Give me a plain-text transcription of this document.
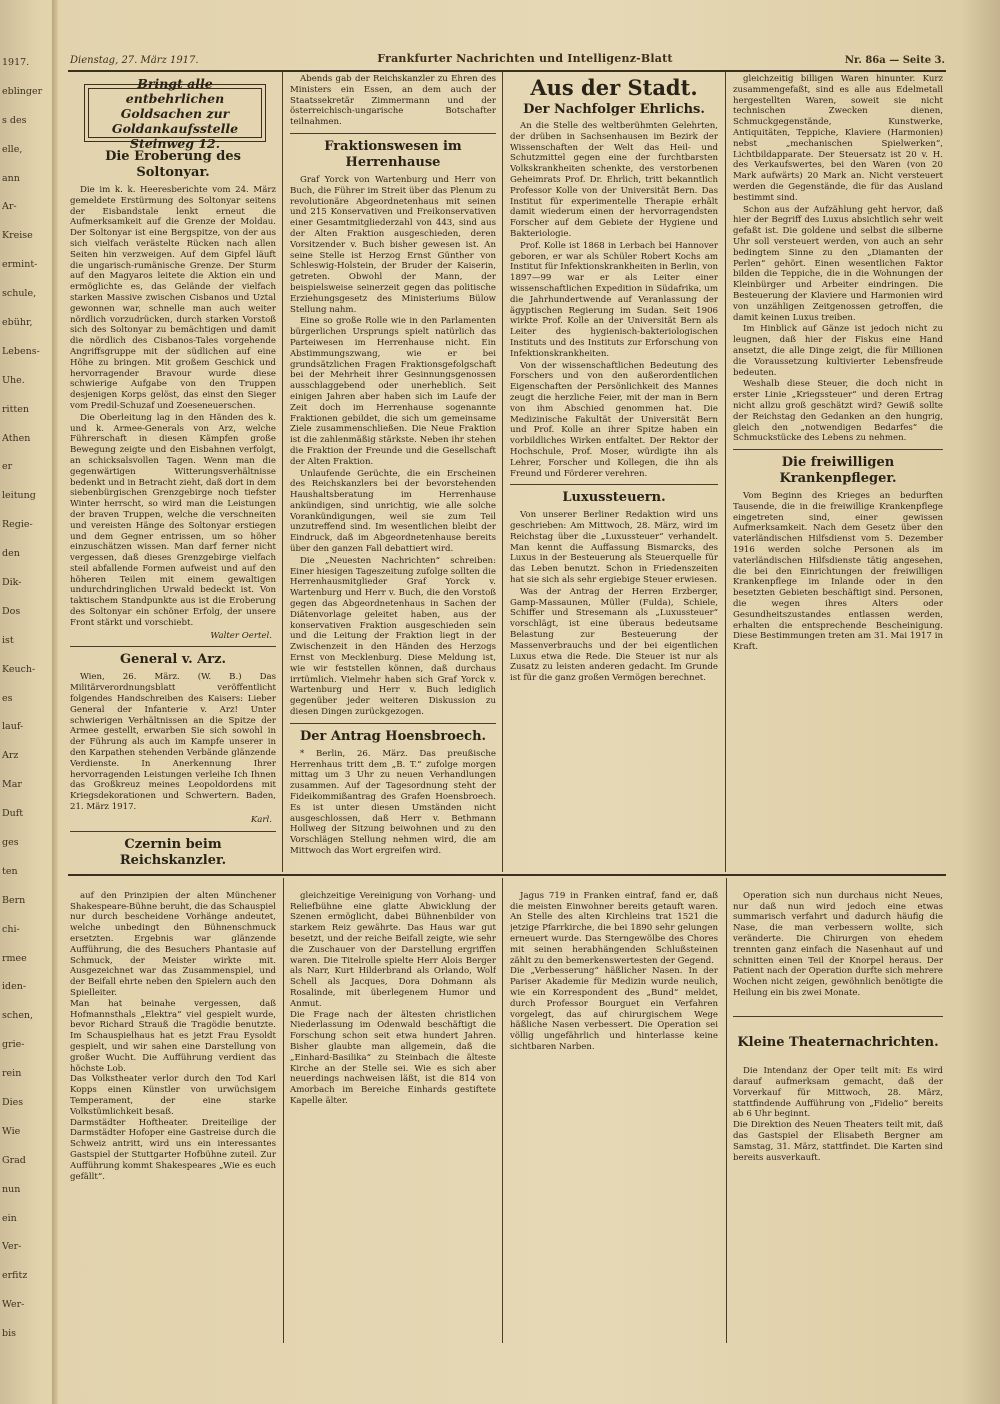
1917.
eblinger
s des
elle,
ann
Ar-
Kreise
ermint-
schule,
ebühr,
Lebens-
Uhe.
ritten
Athen
er
leitung
Regie-
den
Dik-
Dos
ist
Keuch-
es
lauf-
Arz
Mar
Duft
ges
ten
Bern
chi-
rmee
iden-
schen,
grie-
rein
Dies
Wie
Grad
nun
ein
Ver-
erfitz
Wer-
bis
Dienstag, 27. März 1917.	Frankfurter Nachrichten und Intelligenz-Blatt	Nr. 86a — Seite 3.
Bringt alle entbehrlichen Goldsachen zur Goldankaufsstelle Steinweg 12.
Die Eroberung des Soltonyar.

Die im k. k. Heeresberichte vom 24. März gemeldete Erstürmung des Soltonyar seitens der Eisbandstale lenkt erneut die Aufmerksamkeit auf die Grenze der Moldau. Der Soltonyar ist eine Bergspitze, von der aus sich vielfach verästelte Rücken nach allen Seiten hin verzweigen. Auf dem Gipfel läuft die ungarisch-rumänische Grenze. Der Sturm auf den Magyaros leitete die Aktion ein und ermöglichte es, das Gelände der vielfach starken Massive zwischen Cisbanos und Uztal gewonnen war, schnelle man auch weiter nördlich vorzudrücken, durch starken Vorstoß sich des Soltonyar zu bemächtigen und damit die nördlich des Cisbanos-Tales vorgehende Angriffsgruppe mit der südlichen auf eine Höhe zu bringen. Mit großem Geschick und hervorragender Bravour wurde diese schwierige Aufgabe von den Truppen desjenigen Korps gelöst, das einst den Sieger vom Predil-Schuzaf und Zoeseneuerschen.

Die Oberleitung lag in den Händen des k. und k. Armee-Generals von Arz, welche Führerschaft in diesen Kämpfen große Bewegung zeigte und den Eisbahnen verfolgt, an schicksalsvollen Tagen. Wenn man die gegenwärtigen Witterungsverhältnisse bedenkt und in Betracht zieht, daß dort in dem siebenbürgischen Grenzgebirge noch tiefster Winter herrscht, so wird man die Leistungen der braven Truppen, welche die verschneiten und vereisten Hänge des Soltonyar erstiegen und dem Gegner entrissen, um so höher einzuschätzen wissen. Man darf ferner nicht vergessen, daß dieses Grenzgebirge vielfach steil abfallende Formen aufweist und auf den höheren Teilen mit einem gewaltigen undurchdringlichen Urwald bedeckt ist. Von taktischem Standpunkte aus ist die Eroberung des Soltonyar ein schöner Erfolg, der unsere Front stärkt und vorschiebt.

Walter Oertel.
General v. Arz.

Wien, 26. März. (W. B.) Das Militärverordnungsblatt veröffentlicht folgendes Handschreiben des Kaisers: Lieber General der Infanterie v. Arz! Unter schwierigen Verhältnissen an die Spitze der Armee gestellt, erwarben Sie sich sowohl in der Führung als auch im Kampfe unserer in den Karpathen stehenden Verbände glänzende Verdienste. In Anerkennung Ihrer hervorragenden Leistungen verleihe Ich Ihnen das Großkreuz meines Leopoldordens mit Kriegsdekorationen und Schwertern. Baden, 21. März 1917.

Karl.
Czernin beim Reichskanzler.

Abends gab der Reichskanzler zu Ehren des Ministers ein Essen, an dem auch der Staatssekretär Zimmermann und der österreichisch-ungarische Botschafter teilnahmen.

Fraktionswesen im Herrenhause

Graf Yorck von Wartenburg und Herr von Buch, die Führer im Streit über das Plenum zu revolutionäre Abgeordnetenhaus mit seinen und 215 Konservativen und Freikonservativen einer Gesamtmitgliederzahl von 443, sind aus der Alten Fraktion ausgeschieden, deren Vorsitzender v. Buch bisher gewesen ist. An seine Stelle ist Herzog Ernst Günther von Schleswig-Holstein, der Bruder der Kaiserin, getreten. Obwohl der Mann, der beispielsweise seinerzeit gegen das politische Erziehungsgesetz des Ministeriums Bülow Stellung nahm.

Eine so große Rolle wie in den Parlamenten bürgerlichen Ursprungs spielt natürlich das Parteiwesen im Herrenhause nicht. Ein Abstimmungszwang, wie er bei grundsätzlichen Fragen Fraktionsgefolgschaft bei der Mehrheit ihrer Gesinnungsgenossen ausschlaggebend oder unerheblich. Seit einigen Jahren aber haben sich im Laufe der Zeit doch im Herrenhause sogenannte Fraktionen gebildet, die sich um gemeinsame Ziele zusammenschließen. Die Neue Fraktion ist die zahlenmäßig stärkste. Neben ihr stehen die Fraktion der Freunde und die Gesellschaft der Alten Fraktion.

Unlaufende Gerüchte, die ein Erscheinen des Reichskanzlers bei der bevorstehenden Haushaltsberatung im Herrenhause ankündigen, sind unrichtig, wie alle solche Vorankündigungen, weil sie zum Teil unzutreffend sind. Im wesentlichen bleibt der Eindruck, daß im Abgeordnetenhause bereits über den ganzen Fall debattiert wird.

Die „Neuesten Nachrichten“ schreiben: Einer hiesigen Tageszeitung zufolge sollten die Herrenhausmitglieder Graf Yorck v. Wartenburg und Herr v. Buch, die den Vorstoß gegen das Abgeordnetenhaus in Sachen der Diätenvorlage geleitet haben, aus der konservativen Fraktion ausgeschieden sein und die Leitung der Fraktion liegt in der Zwischenzeit in den Händen des Herzogs Ernst von Mecklenburg. Diese Meldung ist, wie wir feststellen können, daß durchaus irrtümlich. Vielmehr haben sich Graf Yorck v. Wartenburg und Herr v. Buch lediglich gegenüber jeder weiteren Diskussion zu diesen Dingen zurückgezogen.

Der Antrag Hoensbroech.

* Berlin, 26. März. Das preußische Herrenhaus tritt dem „B. T.“ zufolge morgen mittag um 3 Uhr zu neuen Verhandlungen zusammen. Auf der Tagesordnung steht der Fideikommißantrag des Grafen Hoensbroech. Es ist unter diesen Umständen nicht ausgeschlossen, daß Herr v. Bethmann Hollweg der Sitzung beiwohnen und zu den Vorschlägen Stellung nehmen wird, die am Mittwoch das Wort ergreifen wird.

Aus der Stadt.
Der Nachfolger Ehrlichs.

An die Stelle des weltberühmten Gelehrten, der drüben in Sachsenhausen im Bezirk der Wissenschaften der Welt das Heil- und Schutzmittel gegen eine der furchtbarsten Volkskrankheiten schenkte, des verstorbenen Geheimrats Prof. Dr. Ehrlich, tritt bekanntlich Professor Kolle von der Universität Bern. Das Institut für experimentelle Therapie erhält damit wiederum einen der hervorragendsten Forscher auf dem Gebiete der Hygiene und Bakteriologie.

Prof. Kolle ist 1868 in Lerbach bei Hannover geboren, er war als Schüler Robert Kochs am Institut für Infektionskrankheiten in Berlin, von 1897—99 war er als Leiter einer wissenschaftlichen Expedition in Südafrika, um die Jahrhundertwende auf Veranlassung der ägyptischen Regierung im Sudan. Seit 1906 wirkte Prof. Kolle an der Universität Bern als Leiter des hygienisch-bakteriologischen Instituts und des Instituts zur Erforschung von Infektionskrankheiten.

Von der wissenschaftlichen Bedeutung des Forschers und von den außerordentlichen Eigenschaften der Persönlichkeit des Mannes zeugt die herzliche Feier, mit der man in Bern von ihm Abschied genommen hat. Die Medizinische Fakultät der Universität Bern und Prof. Kolle an ihrer Spitze haben ein vorbildliches Wirken entfaltet. Der Rektor der Hochschule, Prof. Moser, würdigte ihn als Lehrer, Forscher und Kollegen, die ihn als Freund und Förderer verehren.

Luxussteuern.

Von unserer Berliner Redaktion wird uns geschrieben: Am Mittwoch, 28. März, wird im Reichstag über die „Luxussteuer“ verhandelt. Man kennt die Auffassung Bismarcks, des Luxus in der Besteuerung als Steuerquelle für das Leben benutzt. Schon in Friedenszeiten hat sie sich als sehr ergiebige Steuer erwiesen.

Was der Antrag der Herren Erzberger, Gamp-Massaunen, Müller (Fulda), Schiele, Schiffer und Stresemann als „Luxussteuer“ vorschlägt, ist eine überaus bedeutsame Belastung zur Besteuerung der Massenverbrauchs und der bei eigentlichen Luxus etwa die Rede. Die Steuer ist nur als Zusatz zu leisten anderen gedacht. Im Grunde ist für die ganz großen Vermögen berechnet.

gleichzeitig billigen Waren hinunter. Kurz zusammengefaßt, sind es alle aus Edelmetall hergestellten Waren, soweit sie nicht technischen Zwecken dienen, Schmuckgegenstände, Kunstwerke, Antiquitäten, Teppiche, Klaviere (Harmonien) nebst „mechanischen Spielwerken“, Lichtbildapparate. Der Steuersatz ist 20 v. H. des Verkaufswertes, bei den Waren (von 20 Mark aufwärts) 20 Mark an. Nicht versteuert werden die Gegenstände, die für das Ausland bestimmt sind.

Schon aus der Aufzählung geht hervor, daß hier der Begriff des Luxus absichtlich sehr weit gefaßt ist. Die goldene und selbst die silberne Uhr soll versteuert werden, von auch an sehr bedingtem Sinne zu den „Diamanten der Perlen“ gehört. Einen wesentlichen Faktor bilden die Teppiche, die in die Wohnungen der Kleinbürger und Arbeiter eindringen. Die Besteuerung der Klaviere und Harmonien wird von unzähligen Zeitgenossen getroffen, die damit keinen Luxus treiben.

Im Hinblick auf Gänze ist jedoch nicht zu leugnen, daß hier der Fiskus eine Hand ansetzt, die alle Dinge zeigt, die für Millionen die Voraussetzung kultivierter Lebensfreude bedeuten.

Weshalb diese Steuer, die doch nicht in erster Linie „Kriegssteuer“ und deren Ertrag nicht allzu groß geschätzt wird? Gewiß sollte der Reichstag den Gedanken an den hungrig, gleich den „notwendigen Bedarfes“ die Schmuckstücke des Lebens zu nehmen.

Die freiwilligen Krankenpfleger.

Vom Beginn des Krieges an bedurften Tausende, die in die freiwillige Krankenpflege eingetreten sind, einer gewissen Aufmerksamkeit. Nach dem Gesetz über den vaterländischen Hilfsdienst vom 5. Dezember 1916 werden solche Personen als im vaterländischen Hilfsdienste tätig angesehen, die bei den Einrichtungen der freiwilligen Krankenpflege im Inlande oder in den besetzten Gebieten beschäftigt sind. Personen, die wegen ihres Alters oder Gesundheitszustandes entlassen werden, erhalten die entsprechende Bescheinigung. Diese Bestimmungen treten am 31. Mai 1917 in Kraft.

auf den Prinzipien der alten Münchener Shakespeare-Bühne beruht, die das Schauspiel nur durch bescheidene Vorhänge andeutet, welche unbedingt den Bühnenschmuck ersetzten. Ergebnis war glänzende Aufführung, die des Besuchers Phantasie auf Schmuck, der Meister wirkte mit. Ausgezeichnet war das Zusammenspiel, und der Beifall ehrte neben den Spielern auch den Spielleiter.
Man hat beinahe vergessen, daß Hofmannsthals „Elektra“ viel gespielt wurde, bevor Richard Strauß die Tragödie benutzte. Im Schauspielhaus hat es jetzt Frau Eysoldt gespielt, und wir sahen eine Darstellung von großer Wucht. Die Aufführung verdient das höchste Lob.
Das Volkstheater verlor durch den Tod Karl Kopps einen Künstler von urwüchsigem Temperament, der eine starke Volkstümlichkeit besaß.
Darmstädter Hoftheater. Dreiteilige der Darmstädter Hofoper eine Gastreise durch die Schweiz antritt, wird uns ein interessantes Gastspiel der Stuttgarter Hofbühne zuteil. Zur Aufführung kommt Shakespeares „Wie es euch gefällt“.

gleichzeitige Vereinigung von Vorhang- und Reliefbühne eine glatte Abwicklung der Szenen ermöglicht, dabei Bühnenbilder von starkem Reiz gewährte. Das Haus war gut besetzt, und der reiche Beifall zeigte, wie sehr die Zuschauer von der Darstellung ergriffen waren. Die Titelrolle spielte Herr Alois Berger als Narr, Kurt Hilderbrand als Orlando, Wolf Schell als Jacques, Dora Dohmann als Rosalinde, mit überlegenem Humor und Anmut.
Die Frage nach der ältesten christlichen Niederlassung im Odenwald beschäftigt die Forschung schon seit etwa hundert Jahren. Bisher glaubte man allgemein, daß die „Einhard-Basilika“ zu Steinbach die älteste Kirche an der Stelle sei. Wie es sich aber neuerdings nachweisen läßt, ist die 814 von Amorbach im Bereiche Einhards gestiftete Kapelle älter.

Jagus 719 in Franken eintraf, fand er, daß die meisten Einwohner bereits getauft waren. An Stelle des alten Kirchleins trat 1521 die jetzige Pfarrkirche, die bei 1890 sehr gelungen erneuert wurde. Das Sterngewölbe des Chores mit seinen herabhängenden Schlußsteinen zählt zu den bemerkenswertesten der Gegend.
Die „Verbesserung“ häßlicher Nasen. In der Pariser Akademie für Medizin wurde neulich, wie ein Korrespondent des „Bund“ meldet, durch Professor Bourguet ein Verfahren vorgelegt, das auf chirurgischem Wege häßliche Nasen verbessert. Die Operation sei völlig ungefährlich und hinterlasse keine sichtbaren Narben.

Operation sich nun durchaus nicht Neues, nur daß nun wird jedoch eine etwas summarisch verfahrt und dadurch häufig die Nase, die man verbessern wollte, sich veränderte. Die Chirurgen von ehedem trennten ganz einfach die Nasenhaut auf und schnitten einen Teil der Knorpel heraus. Der Patient nach der Operation durfte sich mehrere Wochen nicht zeigen, gewöhnlich benötigte die Heilung ein bis zwei Monate.

Kleine Theaternachrichten.

Die Intendanz der Oper teilt mit: Es wird darauf aufmerksam gemacht, daß der Vorverkauf für Mittwoch, 28. März, stattfindende Aufführung von „Fidelio“ bereits ab 6 Uhr beginnt.
Die Direktion des Neuen Theaters teilt mit, daß das Gastspiel der Elisabeth Bergner am Samstag, 31. März, stattfindet. Die Karten sind bereits ausverkauft.
